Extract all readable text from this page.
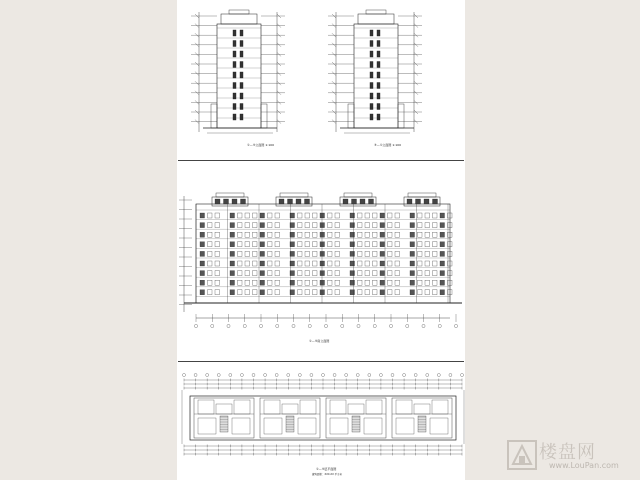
①—⑤立面图 1:100	⑤—①立面图 1:100
①—⑤南立面图
①—⑤层平面图
建筑面积：XXX.XX 平方米
楼盘网
www.LouPan.com
